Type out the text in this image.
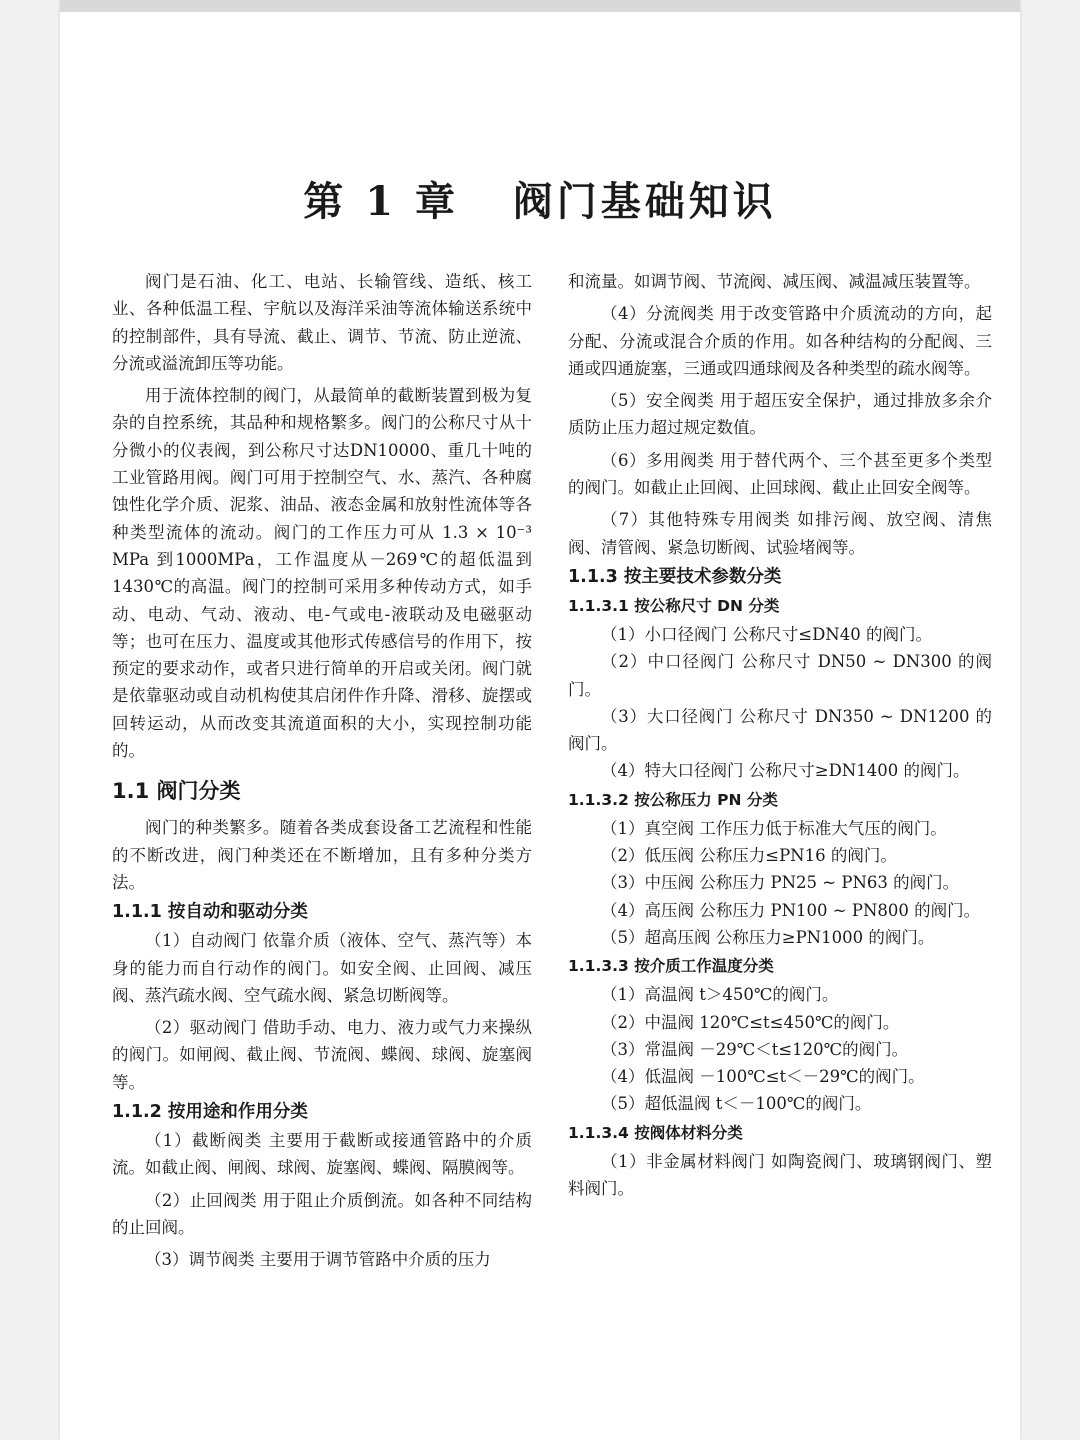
第 1 章   阀门基础知识

阀门是石油、化工、电站、长输管线、造纸、核工业、各种低温工程、宇航以及海洋采油等流体输送系统中的控制部件，具有导流、截止、调节、节流、防止逆流、分流或溢流卸压等功能。

用于流体控制的阀门，从最简单的截断装置到极为复杂的自控系统，其品种和规格繁多。阀门的公称尺寸从十分微小的仪表阀，到公称尺寸达DN10000、重几十吨的工业管路用阀。阀门可用于控制空气、水、蒸汽、各种腐蚀性化学介质、泥浆、油品、液态金属和放射性流体等各种类型流体的流动。阀门的工作压力可从 1.3 × 10⁻³ MPa 到1000MPa，工作温度从－269℃的超低温到1430℃的高温。阀门的控制可采用多种传动方式，如手动、电动、气动、液动、电-气或电-液联动及电磁驱动等；也可在压力、温度或其他形式传感信号的作用下，按预定的要求动作，或者只进行简单的开启或关闭。阀门就是依靠驱动或自动机构使其启闭件作升降、滑移、旋摆或回转运动，从而改变其流道面积的大小，实现控制功能的。

1.1 阀门分类

阀门的种类繁多。随着各类成套设备工艺流程和性能的不断改进，阀门种类还在不断增加，且有多种分类方法。

1.1.1 按自动和驱动分类

（1）自动阀门 依靠介质（液体、空气、蒸汽等）本身的能力而自行动作的阀门。如安全阀、止回阀、减压阀、蒸汽疏水阀、空气疏水阀、紧急切断阀等。

（2）驱动阀门 借助手动、电力、液力或气力来操纵的阀门。如闸阀、截止阀、节流阀、蝶阀、球阀、旋塞阀等。

1.1.2 按用途和作用分类

（1）截断阀类 主要用于截断或接通管路中的介质流。如截止阀、闸阀、球阀、旋塞阀、蝶阀、隔膜阀等。

（2）止回阀类 用于阻止介质倒流。如各种不同结构的止回阀。

（3）调节阀类 主要用于调节管路中介质的压力

和流量。如调节阀、节流阀、减压阀、减温减压装置等。

（4）分流阀类 用于改变管路中介质流动的方向，起分配、分流或混合介质的作用。如各种结构的分配阀、三通或四通旋塞，三通或四通球阀及各种类型的疏水阀等。

（5）安全阀类 用于超压安全保护，通过排放多余介质防止压力超过规定数值。

（6）多用阀类 用于替代两个、三个甚至更多个类型的阀门。如截止止回阀、止回球阀、截止止回安全阀等。

（7）其他特殊专用阀类 如排污阀、放空阀、清焦阀、清管阀、紧急切断阀、试验堵阀等。

1.1.3 按主要技术参数分类
1.1.3.1 按公称尺寸 DN 分类

（1）小口径阀门 公称尺寸≤DN40 的阀门。

（2）中口径阀门 公称尺寸 DN50 ~ DN300 的阀门。

（3）大口径阀门 公称尺寸 DN350 ~ DN1200 的阀门。

（4）特大口径阀门 公称尺寸≥DN1400 的阀门。

1.1.3.2 按公称压力 PN 分类

（1）真空阀 工作压力低于标准大气压的阀门。

（2）低压阀 公称压力≤PN16 的阀门。

（3）中压阀 公称压力 PN25 ~ PN63 的阀门。

（4）高压阀 公称压力 PN100 ~ PN800 的阀门。

（5）超高压阀 公称压力≥PN1000 的阀门。

1.1.3.3 按介质工作温度分类

（1）高温阀 t＞450℃的阀门。

（2）中温阀 120℃≤t≤450℃的阀门。

（3）常温阀 －29℃＜t≤120℃的阀门。

（4）低温阀 －100℃≤t＜－29℃的阀门。

（5）超低温阀 t＜－100℃的阀门。

1.1.3.4 按阀体材料分类

（1）非金属材料阀门 如陶瓷阀门、玻璃钢阀门、塑料阀门。
